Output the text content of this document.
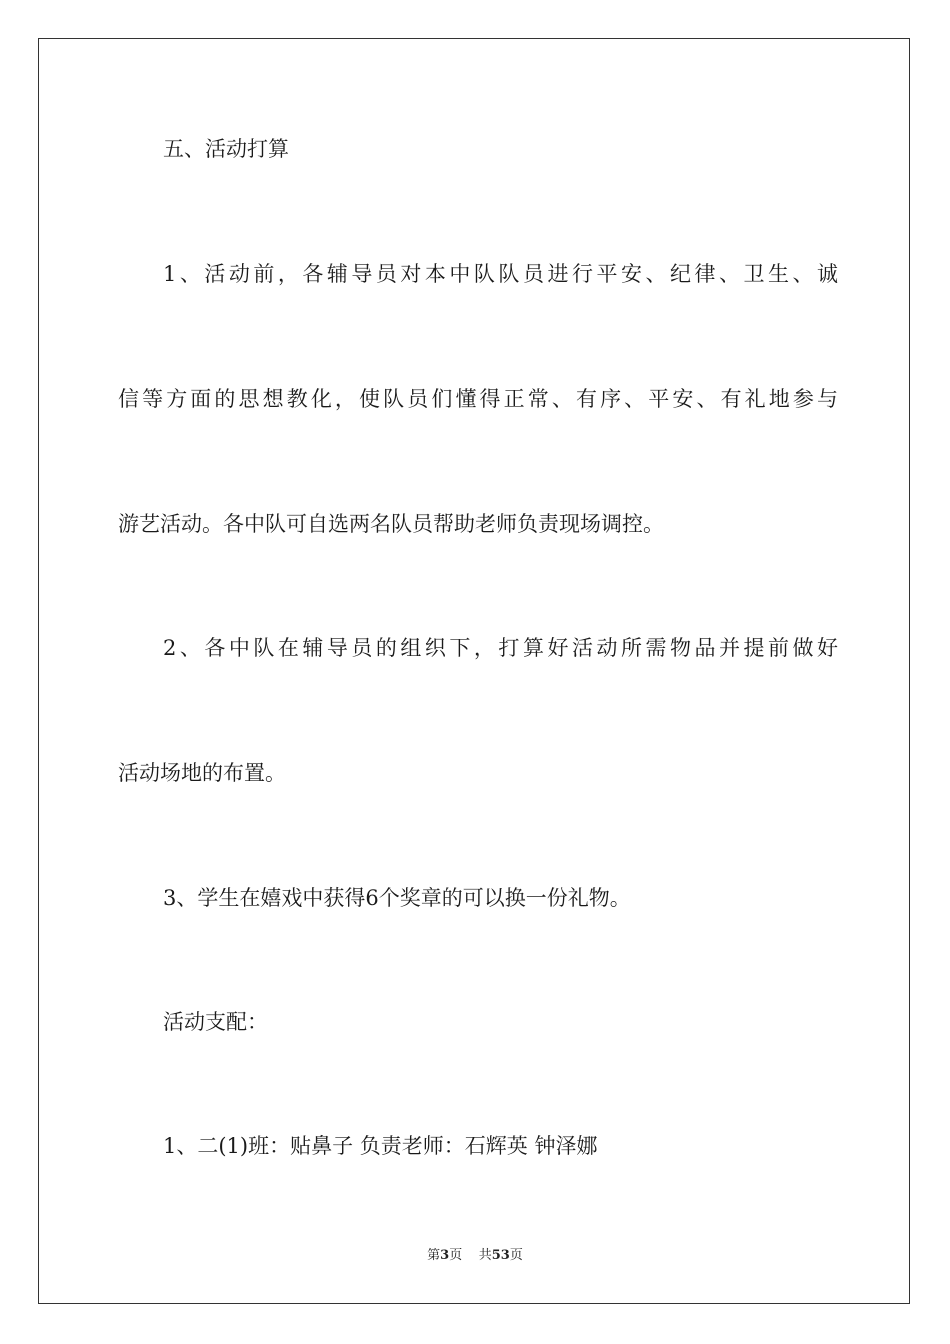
五、活动打算
1、活动前，各辅导员对本中队队员进行平安、纪律、卫生、诚
信等方面的思想教化，使队员们懂得正常、有序、平安、有礼地参与
游艺活动。各中队可自选两名队员帮助老师负责现场调控。
2、各中队在辅导员的组织下，打算好活动所需物品并提前做好
活动场地的布置。
3、学生在嬉戏中获得6个奖章的可以换一份礼物。
活动支配：
1、二(1)班：贴鼻子 负责老师：石辉英 钟泽娜
第3页 共53页
